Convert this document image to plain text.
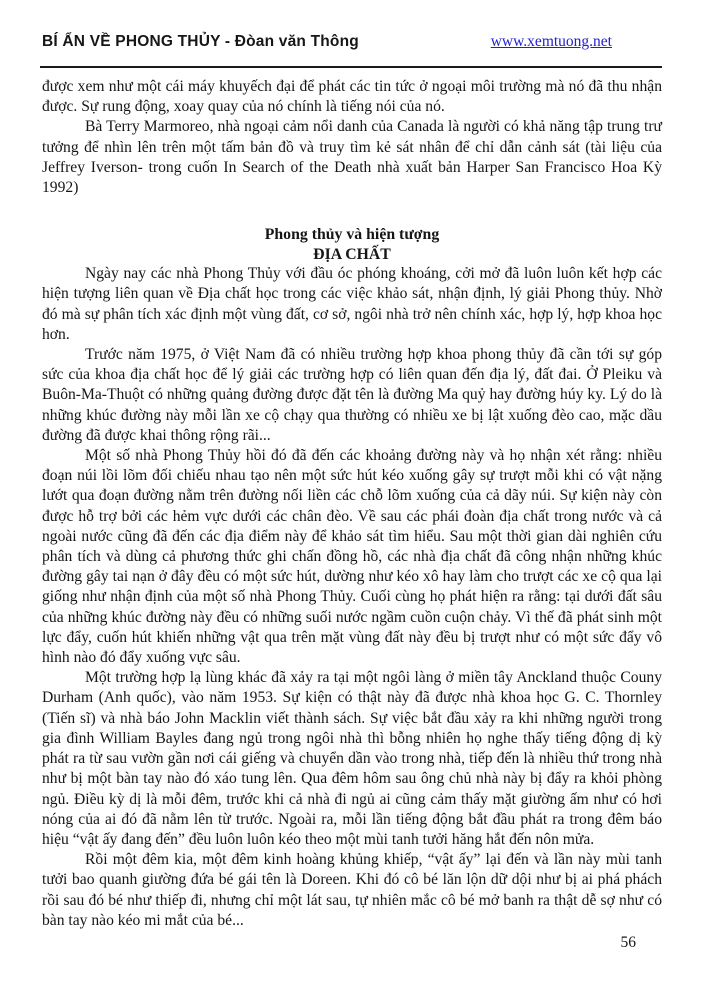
BÍ ẨN VỀ PHONG THỦY - Đòan văn Thông	www.xemtuong.net

được xem như một cái máy khuyếch đại để phát các tin tức ở ngoại môi trường mà nó đã thu nhận được. Sự rung động, xoay quay của nó chính là tiếng nói của nó.

Bà Terry Marmoreo, nhà ngoại cảm nổi danh của Canada là người có khả năng tập trung trư tưởng để nhìn lên trên một tấm bản đồ và truy tìm kẻ sát nhân để chỉ dẫn cảnh sát (tài liệu của Jeffrey Iverson- trong cuốn In Search of the Death nhà xuất bản Harper San Francisco Hoa Kỳ 1992)

Phong thủy và hiện tượng
ĐỊA CHẤT

Ngày nay các nhà Phong Thủy với đầu óc phóng khoáng, cởi mở đã luôn luôn kết hợp các hiện tượng liên quan về Địa chất học trong các việc khảo sát, nhận định, lý giải Phong thủy. Nhờ đó mà sự phân tích xác định một vùng đất, cơ sở, ngôi nhà trở nên chính xác, hợp lý, hợp khoa học hơn.

Trước năm 1975, ở Việt Nam đã có nhiều trường hợp khoa phong thủy đã cần tới sự góp sức của khoa địa chất học để lý giải các trường hợp có liên quan đến địa lý, đất đai. Ở Pleiku và Buôn-Ma-Thuột có những quảng đường được đặt tên là đường Ma quỷ hay đường húy ky. Lý do là những khúc đường này mỗi lần xe cộ chạy qua thường có nhiều xe bị lật xuống đèo cao, mặc dầu đường đã được khai thông rộng rãi...

Một số nhà Phong Thủy hồi đó đã đến các khoảng đường này và họ nhận xét rằng: nhiều đoạn núi lồi lõm đối chiếu nhau tạo nên một sức hút kéo xuống gây sự trượt mỗi khi có vật nặng lướt qua đoạn đường nằm trên đường nối liền các chỗ lõm xuống của cả dãy núi. Sự kiện này còn được hỗ trợ bởi các hẻm vực dưới các chân đèo. Về sau các phái đoàn địa chất trong nước và cả ngoài nước cũng đã đến các địa điểm này để khảo sát tìm hiểu. Sau một thời gian dài nghiên cứu phân tích và dùng cả phương thức ghi chấn đồng hồ, các nhà địa chất đã công nhận những khúc đường gây tai nạn ở đây đều có một sức hút, dường như kéo xô hay làm cho trượt các xe cộ qua lại giống như nhận định của một số nhà Phong Thủy. Cuối cùng họ phát hiện ra rằng: tại dưới đất sâu của những khúc đường này đều có những suối nước ngầm cuồn cuộn chảy. Vì thế đã phát sinh một lực đẩy, cuốn hút khiến những vật qua trên mặt vùng đất này đều bị trượt như có một sức đẩy vô hình nào đó đẩy xuống vực sâu.

Một trường hợp lạ lùng khác đã xảy ra tại một ngôi làng ở miền tây Anckland thuộc Couny Durham (Anh quốc), vào năm 1953. Sự kiện có thật này đã được nhà khoa học G. C. Thornley (Tiến sĩ) và nhà báo John Macklin viết thành sách. Sự việc bắt đầu xảy ra khi những người trong gia đình William Bayles đang ngủ trong ngôi nhà thì bỗng nhiên họ nghe thấy tiếng động dị kỳ phát ra từ sau vườn gần nơi cái giếng và chuyển dần vào trong nhà, tiếp đến là nhiều thứ trong nhà như bị một bàn tay nào đó xáo tung lên. Qua đêm hôm sau ông chủ nhà này bị đẩy ra khỏi phòng ngủ. Điều kỳ dị là mỗi đêm, trước khi cả nhà đi ngủ ai cũng cảm thấy mặt giường ấm như có hơi nóng của ai đó đã nằm lên từ trước. Ngoài ra, mỗi lần tiếng động bắt đầu phát ra trong đêm báo hiệu “vật ấy đang đến” đều luôn luôn kéo theo một mùi tanh tưởi hăng hắt đến nôn mửa.

Rồi một đêm kia, một đêm kinh hoàng khủng khiếp, “vật ấy” lại đến và lần này mùi tanh tưởi bao quanh giường đứa bé gái tên là Doreen. Khi đó cô bé lăn lộn dữ dội như bị ai phá phách rồi sau đó bé như thiếp đi, nhưng chỉ một lát sau, tự nhiên mắc cô bé mở banh ra thật dễ sợ như có bàn tay nào kéo mi mắt của bé...

56
